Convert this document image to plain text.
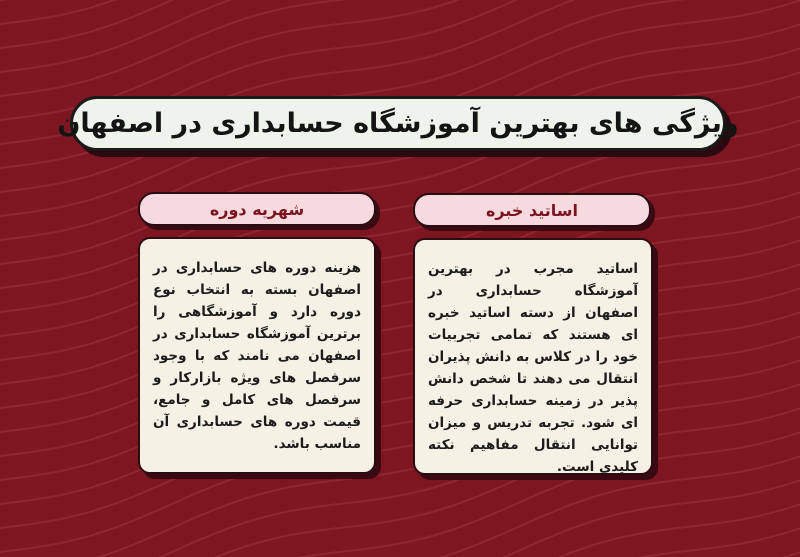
ویژگی های بهترین آموزشگاه حسابداری در اصفهان
اساتید خبره

اساتید مجرب در بهترین آموزشگاه حسابداری در اصفهان از دسته اساتید خبره ای هستند که تمامی تجربیات خود را در کلاس به دانش پذیران انتقال می دهند تا شخص دانش پذیر در زمینه حسابداری حرفه ای شود. تجربه تدریس و میزان توانایی انتقال مفاهیم نکته کلیدی است.

شهریه دوره

هزینه دوره های حسابداری در اصفهان بسته به انتخاب نوع دوره دارد و آموزشگاهی را برترین آموزشگاه حسابداری در اصفهان می نامند که با وجود سرفصل های ویژه بازارکار و سرفصل های کامل و جامع، قیمت دوره های حسابداری آن مناسب باشد.
